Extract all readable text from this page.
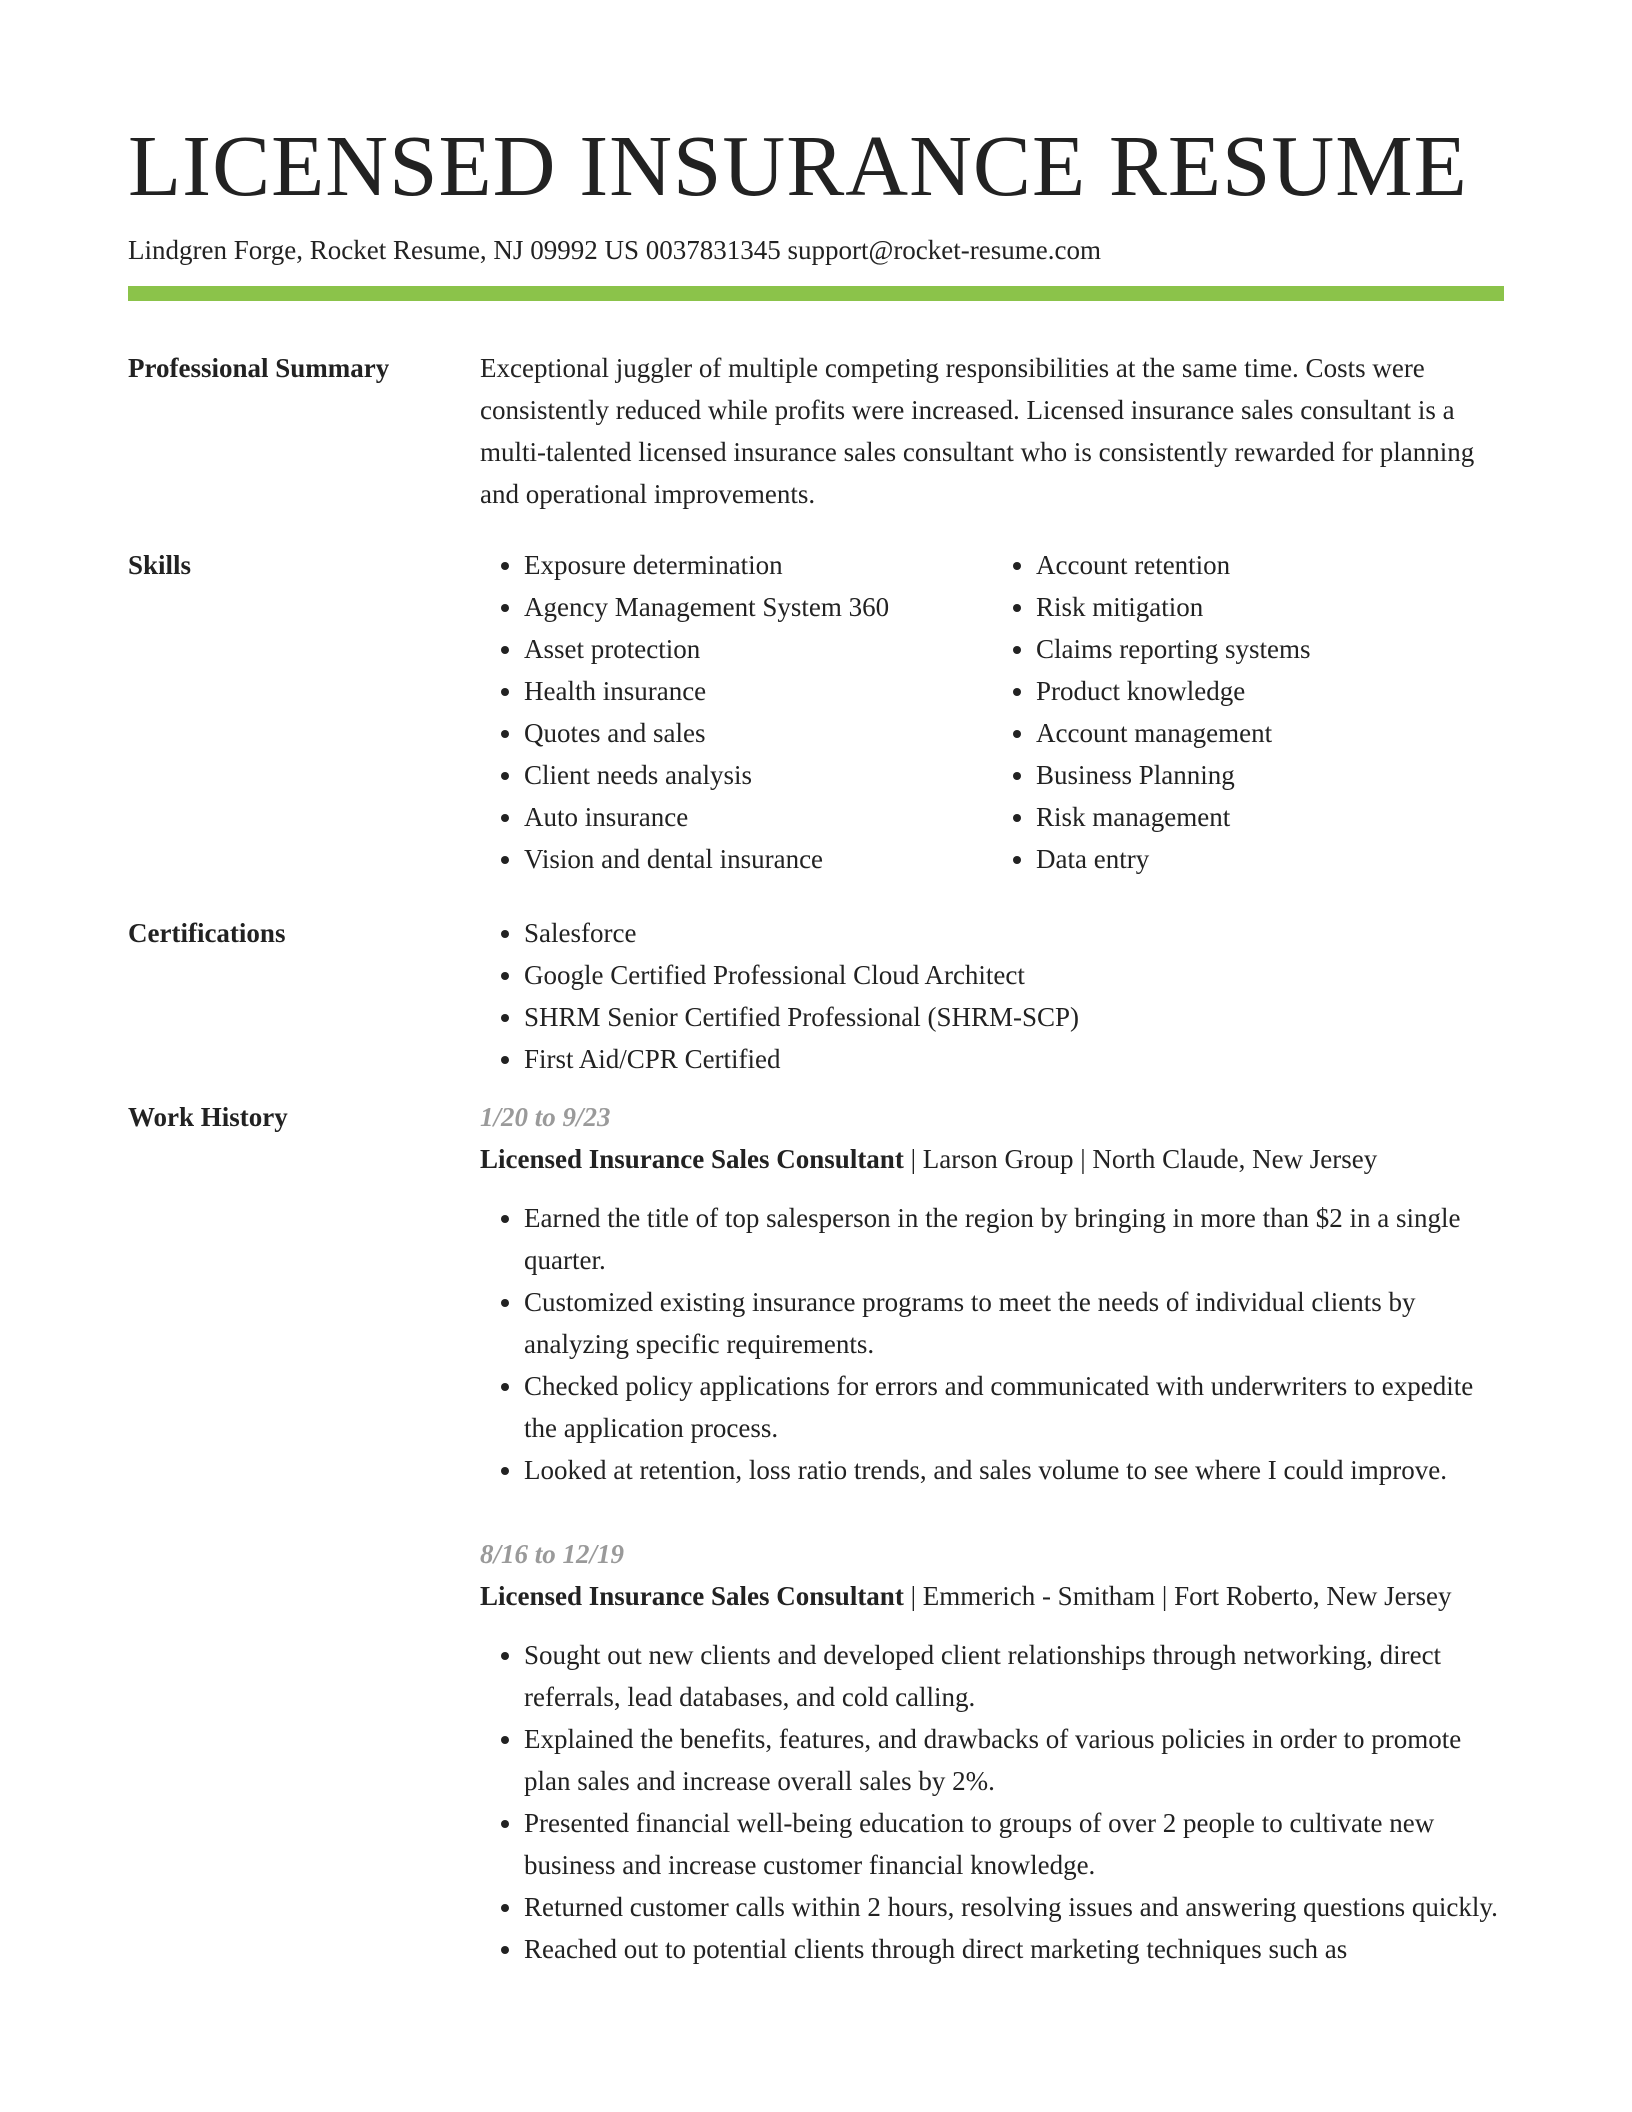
LICENSED INSURANCE RESUME
Lindgren Forge, Rocket Resume, NJ 09992 US 0037831345 support@rocket-resume.com
Professional Summary	Exceptional juggler of multiple competing responsibilities at the same time. Costs were consistently reduced while profits were increased. Licensed insurance sales consultant is a multi-talented licensed insurance sales consultant who is consistently rewarded for planning and operational improvements.

Skills	• Exposure determination
• Agency Management System 360
• Asset protection
• Health insurance
• Quotes and sales
• Client needs analysis
• Auto insurance
• Vision and dental insurance
• Account retention
• Risk mitigation
• Claims reporting systems
• Product knowledge
• Account management
• Business Planning
• Risk management
• Data entry
Certifications	• Salesforce
• Google Certified Professional Cloud Architect
• SHRM Senior Certified Professional (SHRM-SCP)
• First Aid/CPR Certified
Work History	1/20 to 9/23
Licensed Insurance Sales Consultant | Larson Group | North Claude, New Jersey
• Earned the title of top salesperson in the region by bringing in more than $2 in a single quarter.
• Customized existing insurance programs to meet the needs of individual clients by analyzing specific requirements.
• Checked policy applications for errors and communicated with underwriters to expedite the application process.
• Looked at retention, loss ratio trends, and sales volume to see where I could improve.
8/16 to 12/19
Licensed Insurance Sales Consultant | Emmerich - Smitham | Fort Roberto, New Jersey
• Sought out new clients and developed client relationships through networking, direct referrals, lead databases, and cold calling.
• Explained the benefits, features, and drawbacks of various policies in order to promote plan sales and increase overall sales by 2%.
• Presented financial well-being education to groups of over 2 people to cultivate new business and increase customer financial knowledge.
• Returned customer calls within 2 hours, resolving issues and answering questions quickly.
• Reached out to potential clients through direct marketing techniques such as
